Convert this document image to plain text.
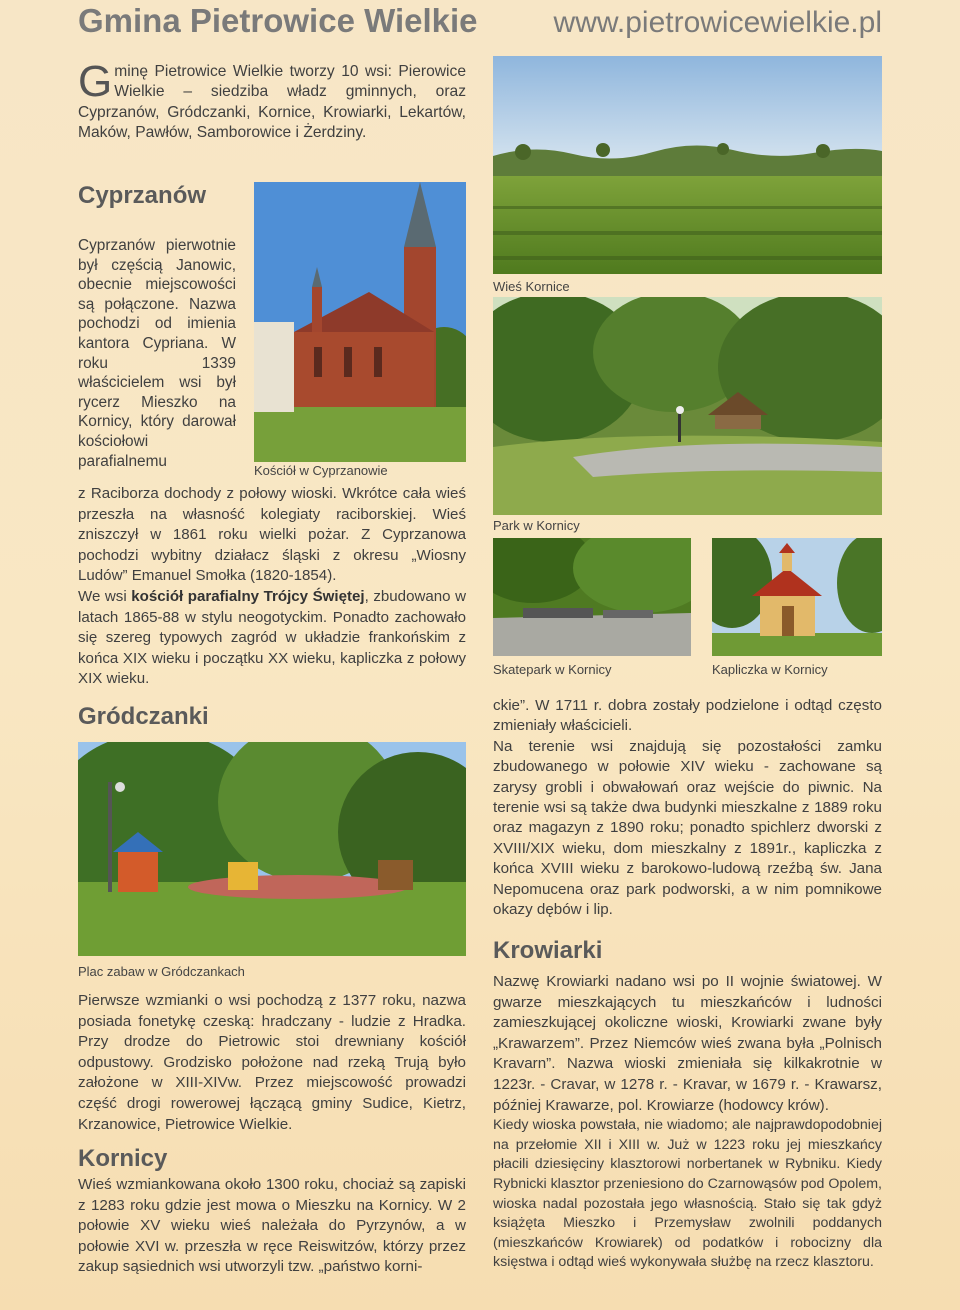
Gmina Pietrowice Wielkie	www.pietrowicewielkie.pl
Gminę Pietrowice Wielkie tworzy 10 wsi: Pierowice Wielkie – siedziba władz gminnych, oraz Cyprzanów, Gródczanki, Kornice, Krowiarki, Lekartów, Maków, Pawłów, Samborowice i Żerdziny.
Wieś Kornice
Park w Kornicy
Skatepark w Kornicy	Kapliczka w Kornicy
Cyprzanów
Kościół w Cyprzanowie
Cyprzanów pierwotnie był częścią Janowic, obecnie miejscowości są połączone. Nazwa pochodzi od imienia kantora Cypriana. W roku 1339 właścicielem wsi był rycerz Mieszko na Kornicy, który darował kościołowi parafialnemu

z Raciborza dochody z połowy wioski. Wkrótce cała wieś przeszła na własność kolegiaty raciborskiej. Wieś zniszczył w 1861 roku wielki pożar. Z Cyprzanowa pochodzi wybitny działacz śląski z okresu „Wiosny Ludów” Emanuel Smołka (1820-1854).

We wsi kościół parafialny Trójcy Świętej, zbudowano w latach 1865-88 w stylu neogotyckim. Ponadto zachowało się szereg typowych zagród w układzie frankońskim z końca XIX wieku i początku XX wieku, kapliczka z połowy XIX wieku.

Gródczanki
Plac zabaw w Gródczankach
Pierwsze wzmianki o wsi pochodzą z 1377 roku, nazwa posiada fonetykę czeską: hradczany - ludzie z Hradka. Przy drodze do Pietrowic stoi drewniany kościół odpustowy. Grodzisko położone nad rzeką Trują było założone w XIII-XIVw. Przez miejscowość prowadzi część drogi rowerowej łączącą gminy Sudice, Kietrz, Krzanowice, Pietrowice Wielkie.
Kornicy
Wieś wzmiankowana około 1300 roku, chociaż są zapiski z 1283 roku gdzie jest mowa o Mieszku na Kornicy. W 2 połowie XV wieku wieś należała do Pyrzynów, a w połowie XVI w. przeszła w ręce Reiswitzów, którzy przez zakup sąsiednich wsi utworzyli tzw. „państwo korni-

ckie”. W 1711 r. dobra zostały podzielone i odtąd często zmieniały właścicieli.

Na terenie wsi znajdują się pozostałości zamku zbudowanego w połowie XIV wieku - zachowane są zarysy grobli i obwałowań oraz wejście do piwnic. Na terenie wsi są także dwa budynki mieszkalne z 1889 roku oraz magazyn z 1890 roku; ponadto spichlerz dworski z XVIII/XIX wieku, dom mieszkalny z 1891r., kapliczka z końca XVIII wieku z barokowo-ludową rzeźbą św. Jana Nepomucena oraz park podworski, a w nim pomnikowe okazy dębów i lip.

Krowiarki

Nazwę Krowiarki nadano wsi po II wojnie światowej. W gwarze mieszkających tu mieszkańców i ludności zamieszkującej okoliczne wioski, Krowiarki zwane były „Krawarzem”. Przez Niemców wieś zwana była „Polnisch Kravarn”. Nazwa wioski zmieniała się kilkakrotnie w 1223r. - Cravar, w 1278 r. - Kravar, w 1679 r. - Krawarsz, później Krawarze, pol. Krowiarze (hodowcy krów).

Kiedy wioska powstała, nie wiadomo; ale najprawdopodobniej na przełomie XII i XIII w. Już w 1223 roku jej mieszkańcy płacili dziesięciny klasztorowi norbertanek w Rybniku. Kiedy Rybnicki klasztor przeniesiono do Czarnowąsów pod Opolem, wioska nadal pozostała jego własnością. Stało się tak gdyż książęta Mieszko i Przemysław zwolnili poddanych (mieszkańców Krowiarek) od podatków i robocizny dla księstwa i odtąd wieś wykonywała służbę na rzecz klasztoru.
